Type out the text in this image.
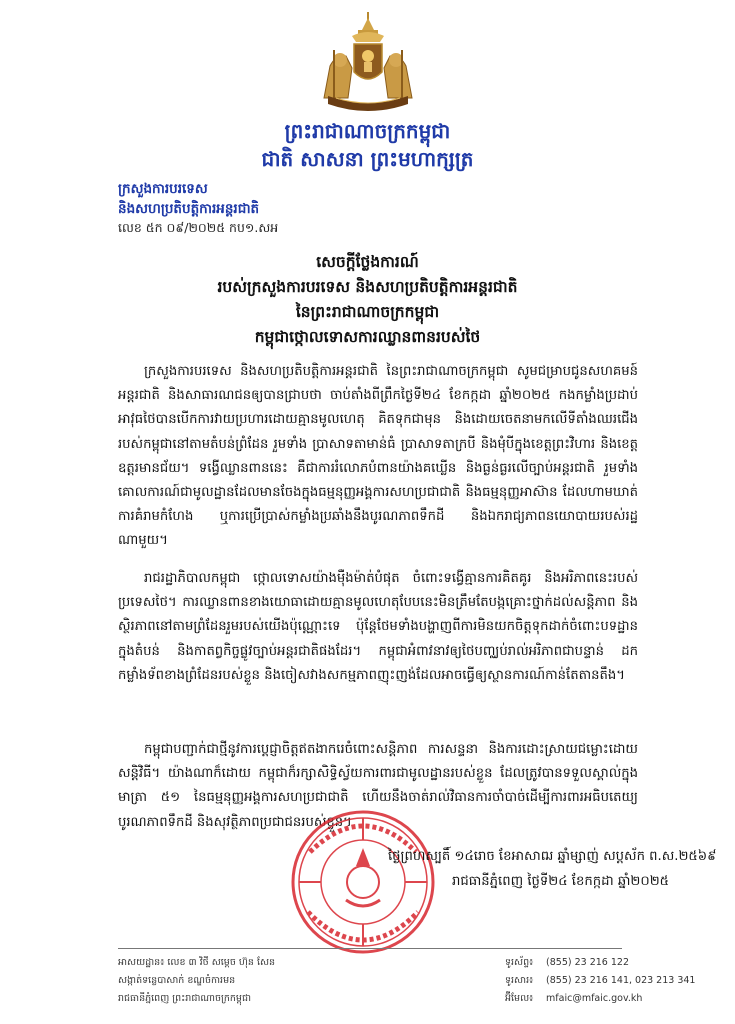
ព្រះរាជាណាចក្រកម្ពុជា
ជាតិ សាសនា ព្រះមហាក្សត្រ
ក្រសួងការបរទេស
និងសហប្រតិបត្តិការអន្តរជាតិ
លេខ ៥ក ០៩/២០២៥ កប១.សអ
សេចក្តីថ្លែងការណ៍
របស់ក្រសួងការបរទេស និងសហប្រតិបត្តិការអន្តរជាតិ
នៃព្រះរាជាណាចក្រកម្ពុជា
កម្ពុជាថ្កោលទោសការឈ្លានពានរបស់ថៃ

ក្រសួងការបរទេស និងសហប្រតិបត្តិការអន្តរជាតិ នៃព្រះរាជាណាចក្រកម្ពុជា សូមជម្រាបជូនសហគមន៍អន្តរជាតិ និងសាធារណជនឲ្យបានជ្រាបថា ចាប់តាំងពីព្រឹកថ្ងៃទី២៤ ខែកក្កដា ឆ្នាំ២០២៥ កងកម្លាំងប្រដាប់អាវុធថៃបានបើកការវាយប្រហារដោយគ្មានមូលហេតុ គិតទុកជាមុន និងដោយចេតនាមកលើទីតាំងឈរជើងរបស់កម្ពុជានៅតាមតំបន់ព្រំដែន រួមទាំង ប្រាសាទតាមាន់ធំ ប្រាសាទតាក្របី និងមុំបីក្នុងខេត្តព្រះវិហារ និងខេត្តឧត្តរមានជ័យ។ ទង្វើឈ្លានពាននេះ គឺជាការរំលោភបំពានយ៉ាងគឃ្លើន និងធ្ងន់ធ្ងរលើច្បាប់អន្តរជាតិ រួមទាំងគោលការណ៍ជាមូលដ្ឋានដែលមានចែងក្នុងធម្មនុញ្ញអង្គការសហប្រជាជាតិ និងធម្មនុញ្ញអាស៊ាន ដែលហាមឃាត់ការគំរាមកំហែង ឬការប្រើប្រាស់កម្លាំងប្រឆាំងនឹងបូរណភាពទឹកដី និងឯករាជ្យភាពនយោបាយរបស់រដ្ឋណាមួយ។

រាជរដ្ឋាភិបាលកម្ពុជា ថ្កោលទោសយ៉ាងម៉ឺងម៉ាត់បំផុត ចំពោះទង្វើគ្មានការគិតគូរ និងអរិភាពនេះរបស់ប្រទេសថៃ។ ការឈ្លានពានខាងយោធាដោយគ្មានមូលហេតុបែបនេះមិនត្រឹមតែបង្កគ្រោះថ្នាក់ដល់សន្តិភាព និងស្ថិរភាពនៅតាមព្រំដែនរួមរបស់យើងប៉ុណ្ណោះទេ ប៉ុន្តែថែមទាំងបង្ហាញពីការមិនយកចិត្តទុកដាក់ចំពោះបទដ្ឋានក្នុងតំបន់ និងកាតព្វកិច្ចផ្លូវច្បាប់អន្តរជាតិផងដែរ។ កម្ពុជាអំពាវនាវឲ្យថៃបញ្ឈប់រាល់អរិភាពជាបន្ទាន់ ដកកម្លាំងទ័ពខាងព្រំដែនរបស់ខ្លួន និងចៀសវាងសកម្មភាពញុះញង់ដែលអាចធ្វើឲ្យស្ថានការណ៍កាន់តែតានតឹង។

កម្ពុជាបញ្ជាក់ជាថ្មីនូវការប្តេជ្ញាចិត្តឥតងាករេចំពោះសន្តិភាព ការសន្ទនា និងការដោះស្រាយជម្លោះដោយសន្តិវិធី។ យ៉ាងណាក៏ដោយ កម្ពុជាក៏រក្សាសិទ្ធិស្វ័យការពារជាមូលដ្ឋានរបស់ខ្លួន ដែលត្រូវបានទទួលស្គាល់ក្នុងមាត្រា ៥១ នៃធម្មនុញ្ញអង្គការសហប្រជាជាតិ ហើយនឹងចាត់រាល់វិធានការចាំបាច់ដើម្បីការពារអធិបតេយ្យ បូរណភាពទឹកដី និងសុវត្ថិភាពប្រជាជនរបស់ខ្លួន។

ថ្ងៃព្រហស្បតិ៍ ១៤រោច ខែអាសាឍ ឆ្នាំម្សាញ់ សប្តស័ក ព.ស.២៥៦៩
រាជធានីភ្នំពេញ ថ្ងៃទី២៤ ខែកក្កដា ឆ្នាំ២០២៥
អាសយដ្ឋាន៖ លេខ ៣ វិថី សម្តេច ហ៊ុន សែន
សង្កាត់ទន្លេបាសាក់ ខណ្ឌចំការមន
រាជធានីភ្នំពេញ ព្រះរាជាណាចក្រកម្ពុជា
ទូរស័ព្ទ៖ (855) 23 216 122
ទូរសារ៖ (855) 23 216 141, 023 213 341
អ៊ីមែល៖ mfaic@mfaic.gov.kh
